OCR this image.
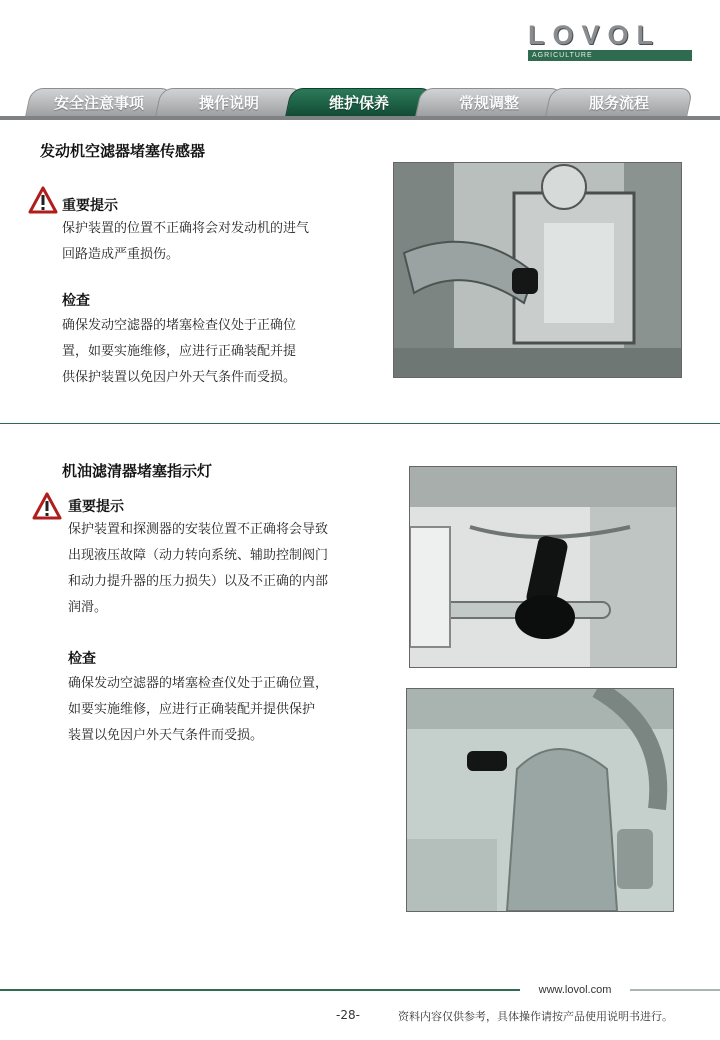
LOVOL
AGRICULTURE
安全注意事项	操作说明	维护保养	常规调整	服务流程
发动机空滤器堵塞传感器
重要提示
保护装置的位置不正确将会对发动机的进气
回路造成严重损伤。
检查
确保发动空滤器的堵塞检查仪处于正确位
置，如要实施维修，应进行正确装配并提
供保护装置以免因户外天气条件而受损。
机油滤清器堵塞指示灯
重要提示
保护装置和探测器的安装位置不正确将会导致
出现液压故障（动力转向系统、辅助控制阀门
和动力提升器的压力损失）以及不正确的内部
润滑。
检查
确保发动空滤器的堵塞检查仪处于正确位置，
如要实施维修，应进行正确装配并提供保护
装置以免因户外天气条件而受损。
www.lovol.com
-28-	资料内容仅供参考，具体操作请按产品使用说明书进行。
